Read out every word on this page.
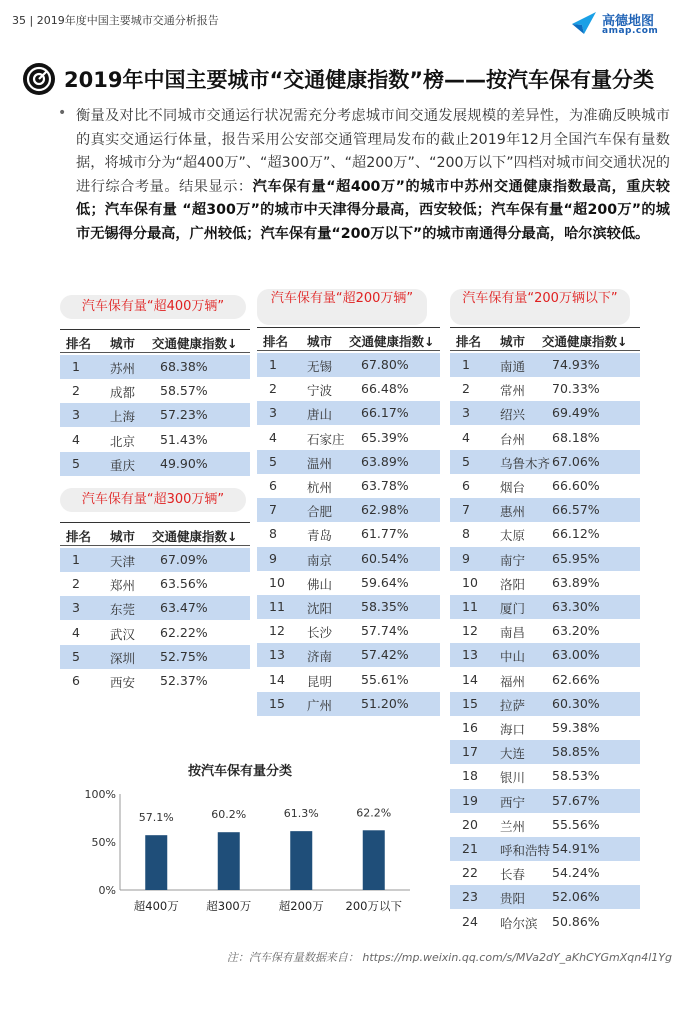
35 | 2019年度中国主要城市交通分析报告	高德地图
amap.com
2019年中国主要城市“交通健康指数”榜——按汽车保有量分类
• 衡量及对比不同城市交通运行状况需充分考虑城市间交通发展规模的差异性，为准确反映城市的真实交通运行体量，报告采用公安部交通管理局发布的截止2019年12月全国汽车保有量数据，将城市分为“超400万”、“超300万”、“超200万”、“200万以下”四档对城市间交通状况的进行综合考量。结果显示：汽车保有量“超400万”的城市中苏州交通健康指数最高，重庆较低；汽车保有量 “超300万”的城市中天津得分最高，西安较低；汽车保有量“超200万”的城市无锡得分最高，广州较低；汽车保有量“200万以下”的城市南通得分最高，哈尔滨较低。
汽车保有量“超400万辆”
排名 城市 交通健康指数↓
1 苏州 68.38%
2 成都 58.57%
3 上海 57.23%
4 北京 51.43%
5 重庆 49.90%
汽车保有量“超300万辆”
排名 城市 交通健康指数↓
1 天津 67.09%
2 郑州 63.56%
3 东莞 63.47%
4 武汉 62.22%
5 深圳 52.75%
6 西安 52.37%
汽车保有量“超200万辆”
排名 城市 交通健康指数↓
1 无锡 67.80%
2 宁波 66.48%
3 唐山 66.17%
4 石家庄 65.39%
5 温州 63.89%
6 杭州 63.78%
7 合肥 62.98%
8 青岛 61.77%
9 南京 60.54%
10 佛山 59.64%
11 沈阳 58.35%
12 长沙 57.74%
13 济南 57.42%
14 昆明 55.61%
15 广州 51.20%
汽车保有量“200万辆以下”
排名 城市 交通健康指数↓
1 南通 74.93%
2 常州 70.33%
3 绍兴 69.49%
4 台州 68.18%
5 乌鲁木齐 67.06%
6 烟台 66.60%
7 惠州 66.57%
8 太原 66.12%
9 南宁 65.95%
10 洛阳 63.89%
11 厦门 63.30%
12 南昌 63.20%
13 中山 63.00%
14 福州 62.66%
15 拉萨 60.30%
16 海口 59.38%
17 大连 58.85%
18 银川 58.53%
19 西宁 57.67%
20 兰州 55.56%
21 呼和浩特 54.91%
22 长春 54.24%
23 贵阳 52.06%
24 哈尔滨 50.86%
按汽车保有量分类
0%
50%
100%
57.1%
超400万
60.2%
超300万
61.3%
超200万
62.2%
200万以下
注：汽车保有量数据来自： https://mp.weixin.qq.com/s/MVa2dY_aKhCYGmXqn4l1Yg
